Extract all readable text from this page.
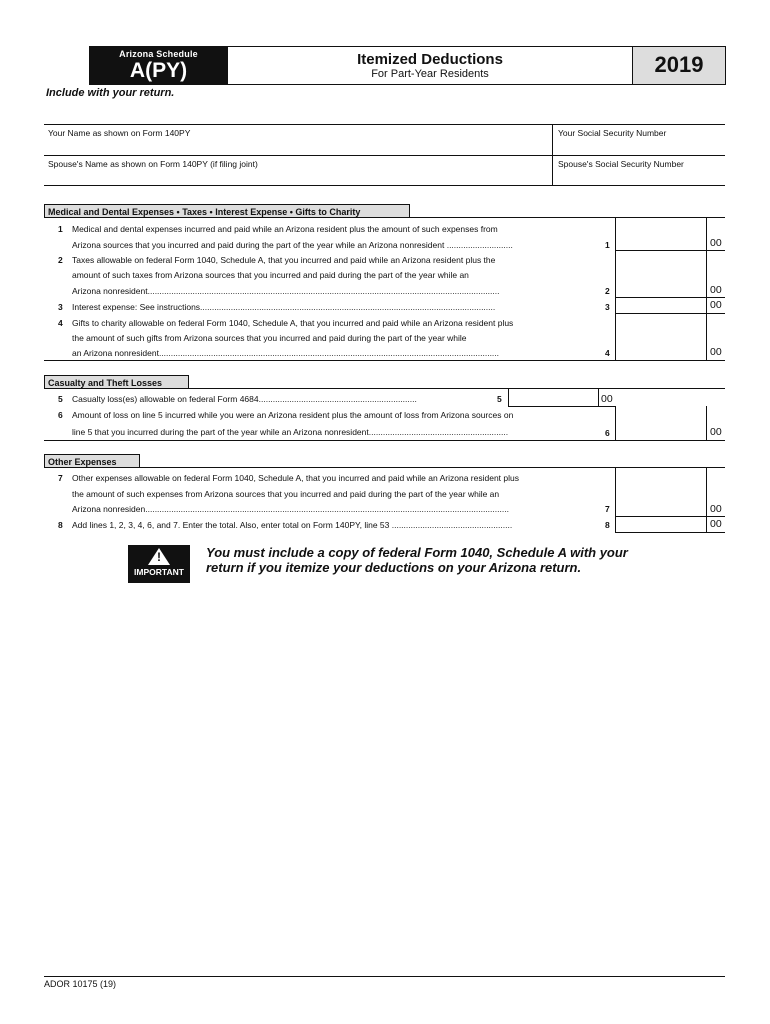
Arizona Schedule
A(PY)	Itemized Deductions
For Part-Year Residents	2019
Include with your return.
Your Name as shown on Form 140PY	Your Social Security Number
Spouse's Name as shown on Form 140PY (if filing joint)	Spouse's Social Security Number
Medical and Dental Expenses • Taxes • Interest Expense • Gifts to Charity
1 Medical and dental expenses incurred and paid while an Arizona resident plus the amount of such expenses from
Arizona sources that you incurred and paid during the part of the year while an Arizona nonresident ............................	1	00
2 Taxes allowable on federal Form 1040, Schedule A, that you incurred and paid while an Arizona resident plus the
amount of such taxes from Arizona sources that you incurred and paid during the part of the year while an
Arizona nonresident.....................................................................................................................................................	2	00
3 Interest expense: See instructions.............................................................................................................................	3	00
4 Gifts to charity allowable on federal Form 1040, Schedule A, that you incurred and paid while an Arizona resident plus
the amount of such gifts from Arizona sources that you incurred and paid during the part of the year while
an Arizona nonresident................................................................................................................................................	4	00
Casualty and Theft Losses
5 Casualty loss(es) allowable on federal Form 4684...................................................................	5	00
6 Amount of loss on line 5 incurred while you were an Arizona resident plus the amount of loss from Arizona sources on
line 5 that you incurred during the part of the year while an Arizona nonresident...........................................................	6	00
Other Expenses
7 Other expenses allowable on federal Form 1040, Schedule A, that you incurred and paid while an Arizona resident plus
the amount of such expenses from Arizona sources that you incurred and paid during the part of the year while an
Arizona nonresiden..........................................................................................................................................................	7	00
8 Add lines 1, 2, 3, 4, 6, and 7. Enter the total. Also, enter total on Form 140PY, line 53 ...................................................	8	00
!
IMPORTANT
You must include a copy of federal Form 1040, Schedule A with your
return if you itemize your deductions on your Arizona return.
ADOR 10175 (19)
